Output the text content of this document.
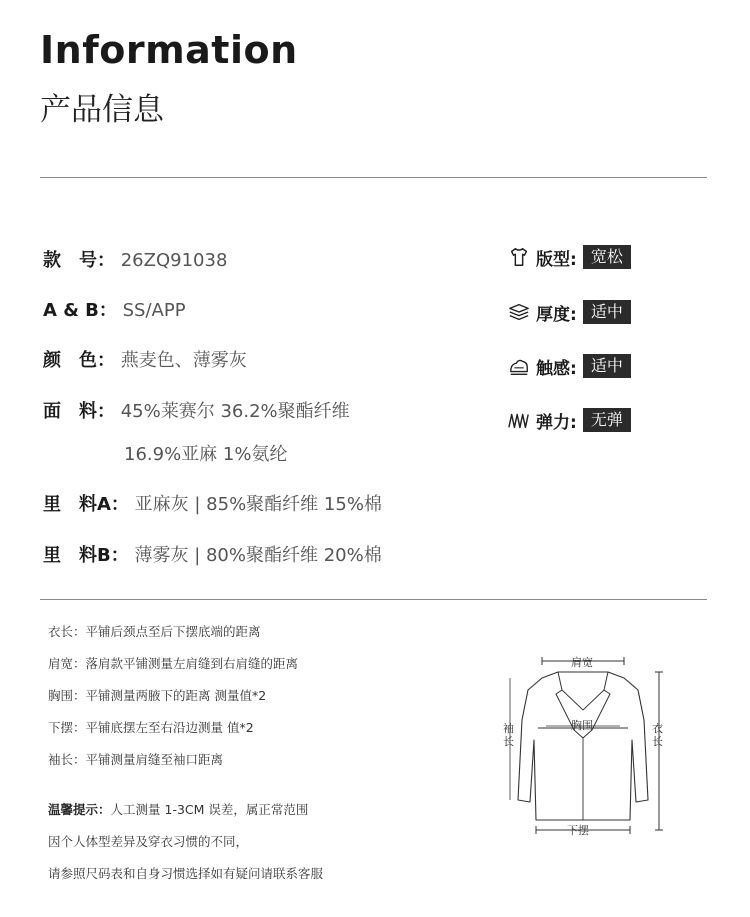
Information
产品信息
款　号： 26ZQ91038
A & B： SS/APP
颜　色： 燕麦色、薄雾灰
面　料： 45%莱赛尔 36.2%聚酯纤维
16.9%亚麻 1%氨纶
里　料A： 亚麻灰 | 85%聚酯纤维 15%棉
里　料B： 薄雾灰 | 80%聚酯纤维 20%棉
版型: 宽松
厚度: 适中
触感: 适中
弹力: 无弹
衣长：平铺后颈点至后下摆底端的距离
肩宽：落肩款平铺测量左肩缝到右肩缝的距离
胸围：平铺测量两腋下的距离 测量值*2
下摆：平铺底摆左至右沿边测量 值*2
袖长：平铺测量肩缝至袖口距离
温馨提示：人工测量 1-3CM 误差，属正常范围
因个人体型差异及穿衣习惯的不同，
请参照尺码表和自身习惯选择如有疑问请联系客服
肩宽
胸围
下摆
袖长
衣长
